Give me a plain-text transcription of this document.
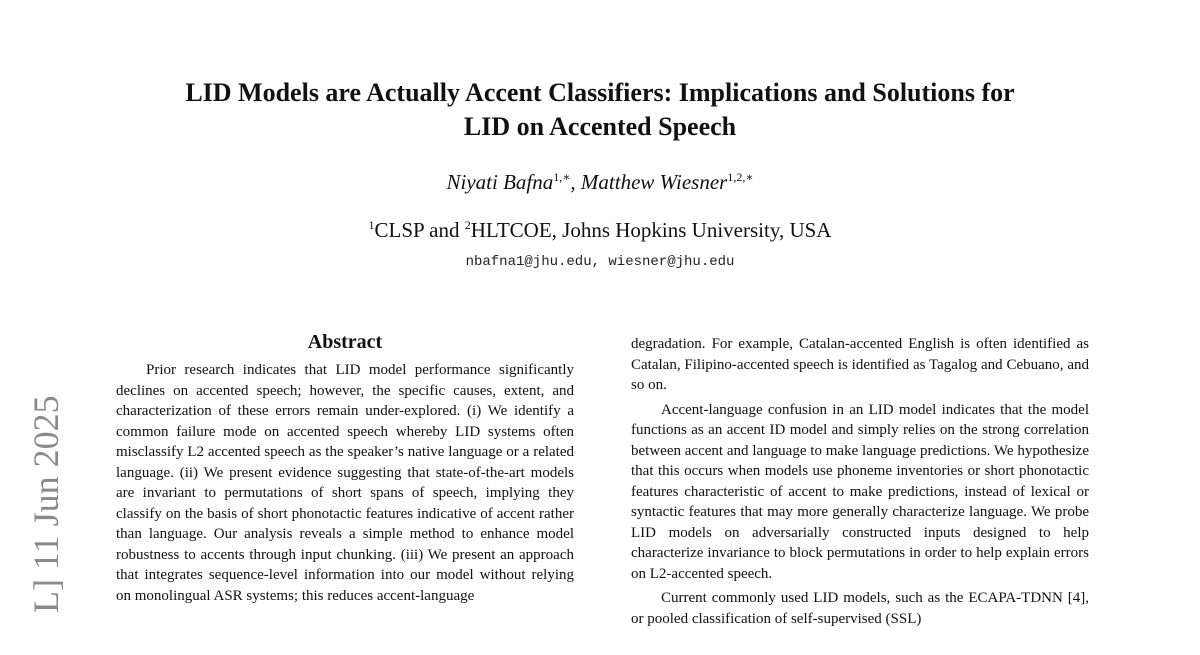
LID Models are Actually Accent Classifiers: Implications and Solutions for
LID on Accented Speech
Niyati Bafna$^{1,∗}$, Matthew Wiesner$^{1,2,∗}$
$^1$CLSP and $^2$HLTCOE, Johns Hopkins University, USA
nbafna1@jhu.edu, wiesner@jhu.edu
L] 11 Jun 2025
Abstract

Prior research indicates that LID model performance significantly declines on accented speech; however, the specific causes, extent, and characterization of these errors remain under-explored. (i) We identify a common failure mode on accented speech whereby LID systems often misclassify L2 accented speech as the speaker’s native language or a related language. (ii) We present evidence suggesting that state-of-the-art models are invariant to permutations of short spans of speech, implying they classify on the basis of short phonotactic features indicative of accent rather than language. Our analysis reveals a simple method to enhance model robustness to accents through input chunking. (iii) We present an approach that integrates sequence-level information into our model without relying on monolingual ASR systems; this reduces accent-language

degradation. For example, Catalan-accented English is often identified as Catalan, Filipino-accented speech is identified as Tagalog and Cebuano, and so on.

Accent-language confusion in an LID model indicates that the model functions as an accent ID model and simply relies on the strong correlation between accent and language to make language predictions. We hypothesize that this occurs when models use phoneme inventories or short phonotactic features characteristic of accent to make predictions, instead of lexical or syntactic features that may more generally characterize language. We probe LID models on adversarially constructed inputs designed to help characterize invariance to block permutations in order to help explain errors on L2-accented speech.

Current commonly used LID models, such as the ECAPA-TDNN [4], or pooled classification of self-supervised (SSL)
